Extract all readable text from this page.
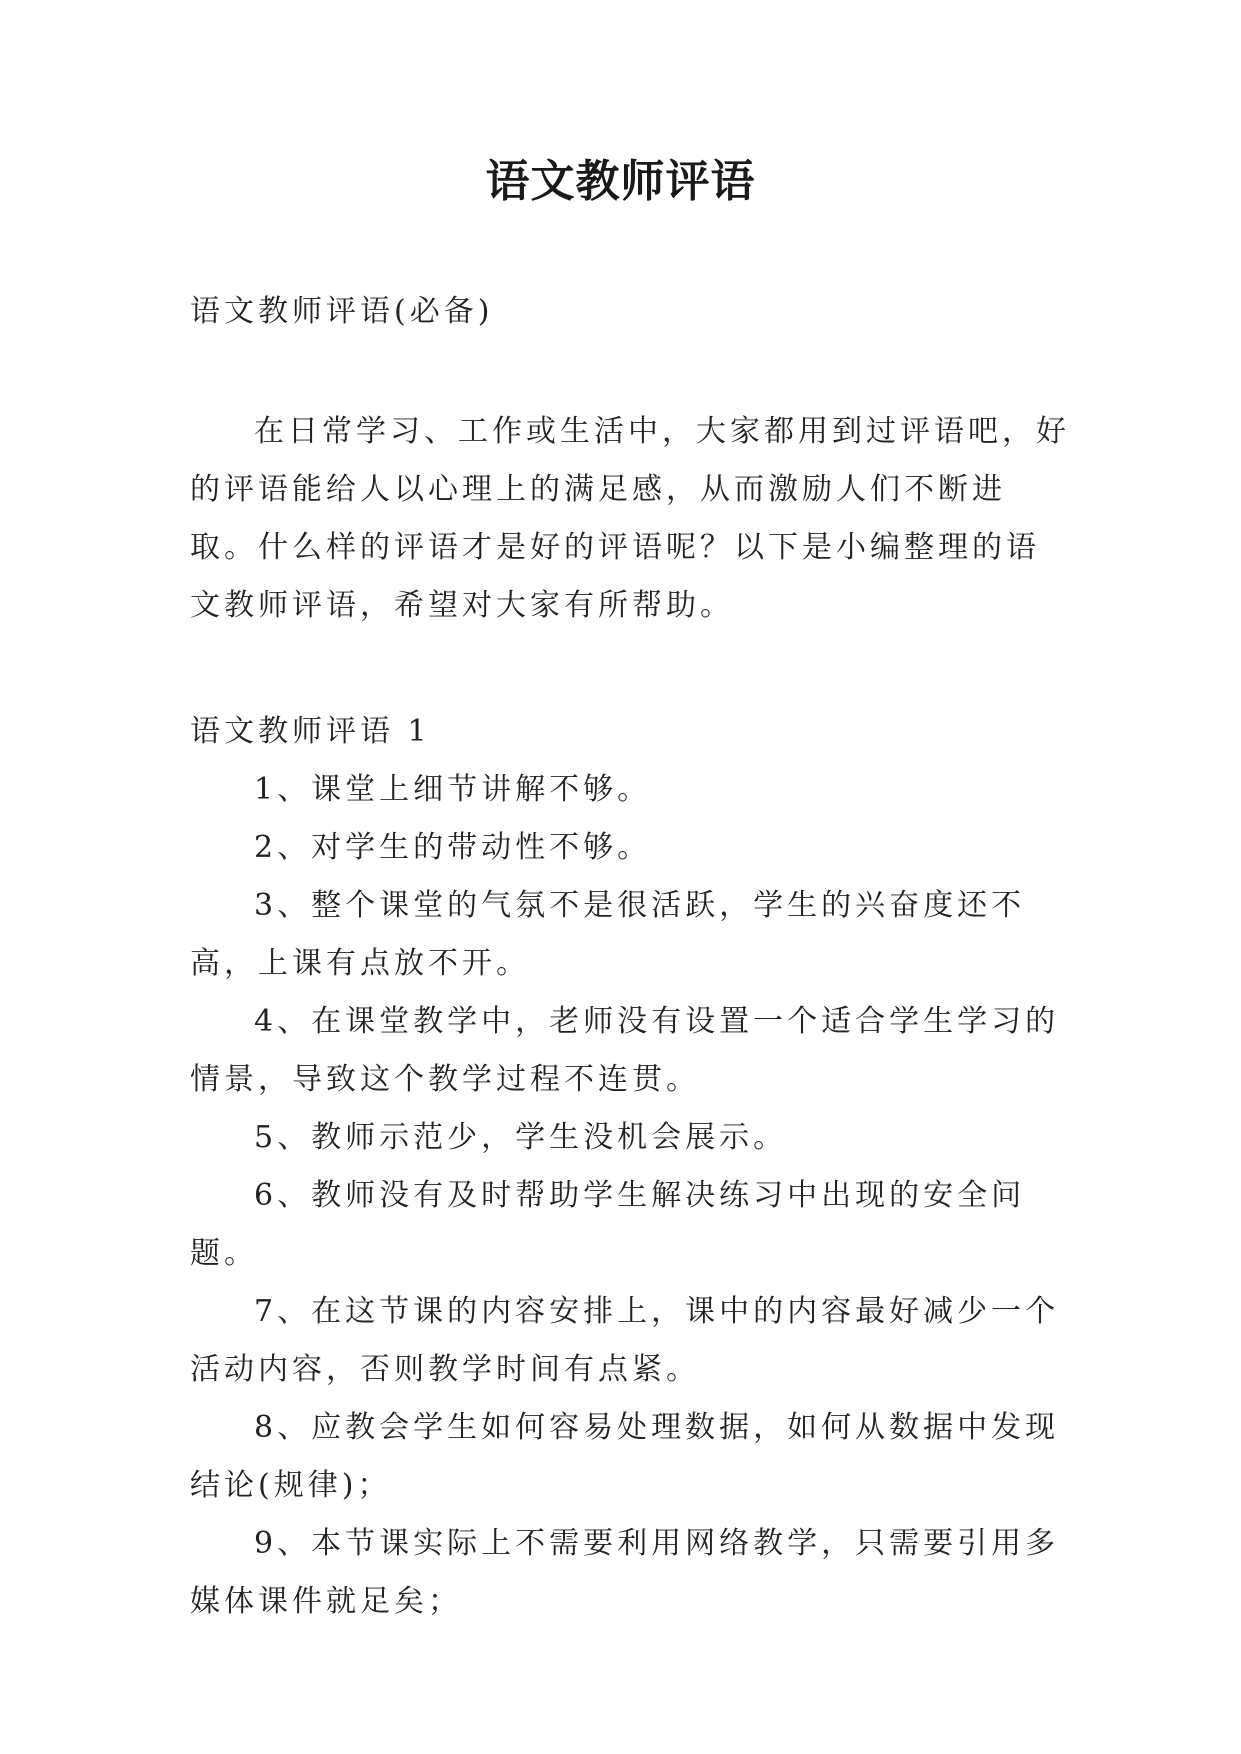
语文教师评语

语文教师评语(必备)

在日常学习、工作或生活中，大家都用到过评语吧，好的评语能给人以心理上的满足感，从而激励人们不断进取。什么样的评语才是好的评语呢？以下是小编整理的语文教师评语，希望对大家有所帮助。

语文教师评语 1

1、课堂上细节讲解不够。

2、对学生的带动性不够。

3、整个课堂的气氛不是很活跃，学生的兴奋度还不高，上课有点放不开。

4、在课堂教学中，老师没有设置一个适合学生学习的情景，导致这个教学过程不连贯。

5、教师示范少，学生没机会展示。

6、教师没有及时帮助学生解决练习中出现的安全问题。

7、在这节课的内容安排上，课中的内容最好减少一个活动内容，否则教学时间有点紧。

8、应教会学生如何容易处理数据，如何从数据中发现结论(规律)；

9、本节课实际上不需要利用网络教学，只需要引用多媒体课件就足矣；
